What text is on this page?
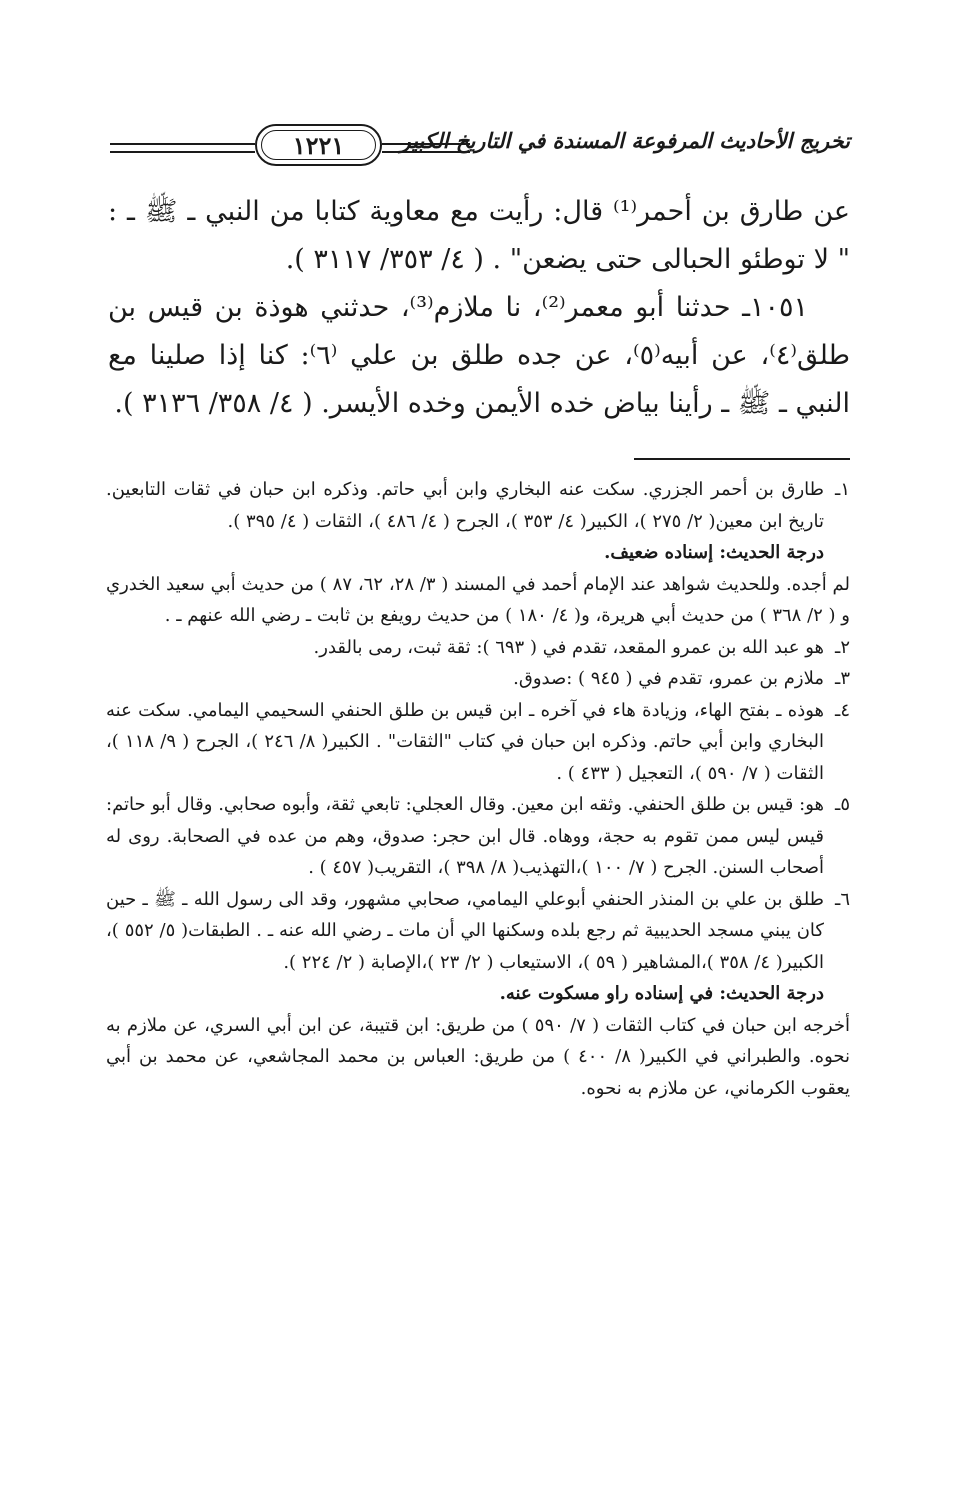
تخريج الأحاديث المرفوعة المسندة في التاريخ الكبير
١٢٢١

عن طارق بن أحمر⁽¹⁾ قال: رأيت مع معاوية كتابا من النبي ـ ﷺ ـ : " لا توطئو الحبالى حتى يضعن" . ( ٤/ ٣٥٣/ ٣١١٧ ).

١٠٥١ـ حدثنا أبو معمر⁽²⁾، نا ملازم⁽³⁾، حدثني هوذة بن قيس بن طلق⁽٤⁾، عن أبيه⁽٥⁾، عن جده طلق بن علي ⁽٦⁾: كنا إذا صلينا مع النبي ـ ﷺ ـ رأينا بياض خده الأيمن وخده الأيسر. ( ٤/ ٣٥٨/ ٣١٣٦ ).

١ـ
طارق بن أحمر الجزري. سكت عنه البخاري وابن أبي حاتم. وذكره ابن حبان في ثقات التابعين. تاريخ ابن معين( ٢/ ٢٧٥ )، الكبير( ٤/ ٣٥٣ )، الجرح ( ٤/ ٤٨٦ )، الثقات ( ٤/ ٣٩٥ ).

درجة الحديث: إسناده ضعيف.

لم أجده. وللحديث شواهد عند الإمام أحمد في المسند ( ٣/ ٢٨، ٦٢، ٨٧ ) من حديث أبي سعيد الخدري و ( ٢/ ٣٦٨ ) من حديث أبي هريرة، و( ٤/ ١٨٠ ) من حديث رويفع بن ثابت ـ رضي الله عنهم ـ .

٢ـ
هو عبد الله بن عمرو المقعد، تقدم في ( ٦٩٣ ): ثقة ثبت، رمى بالقدر.
٣ـ
ملازم بن عمرو، تقدم في ( ٩٤٥ ) :صدوق.
٤ـ
هوذه ـ بفتح الهاء، وزيادة هاء في آخره ـ ابن قيس بن طلق الحنفي السحيمي اليمامي. سكت عنه البخاري وابن أبي حاتم. وذكره ابن حبان في كتاب "الثقات" . الكبير( ٨/ ٢٤٦ )، الجرح ( ٩/ ١١٨ )، الثقات ( ٧/ ٥٩٠ )، التعجيل ( ٤٣٣ ) .
٥ـ
هو: قيس بن طلق الحنفي. وثقه ابن معين. وقال العجلي: تابعي ثقة، وأبوه صحابي. وقال أبو حاتم: قيس ليس ممن تقوم به حجة، ووهاه. قال ابن حجر: صدوق، وهم من عده في الصحابة. روى له أصحاب السنن. الجرح ( ٧/ ١٠٠ )،التهذيب( ٨/ ٣٩٨ )، التقريب( ٤٥٧ ) .
٦ـ
طلق بن علي بن المنذر الحنفي أبوعلي اليمامي، صحابي مشهور، وقد الى رسول الله ـ ﷺ ـ حين كان يبني مسجد الحديبية ثم رجع بلده وسكنها الي أن مات ـ رضي الله عنه ـ . الطبقات( ٥/ ٥٥٢ )، الكبير( ٤/ ٣٥٨ )،المشاهير ( ٥٩ )، الاستيعاب ( ٢/ ٢٣ )،الإصابة ( ٢/ ٢٢٤ ).

درجة الحديث: في إسناده راو مسكوت عنه.

أخرجه ابن حبان في كتاب الثقات ( ٧/ ٥٩٠ ) من طريق: ابن قتيبة، عن ابن أبي السري، عن ملازم به نحوه. والطبراني في الكبير( ٨/ ٤٠٠ ) من طريق: العباس بن محمد المجاشعي، عن محمد بن أبي يعقوب الكرماني، عن ملازم به نحوه.
